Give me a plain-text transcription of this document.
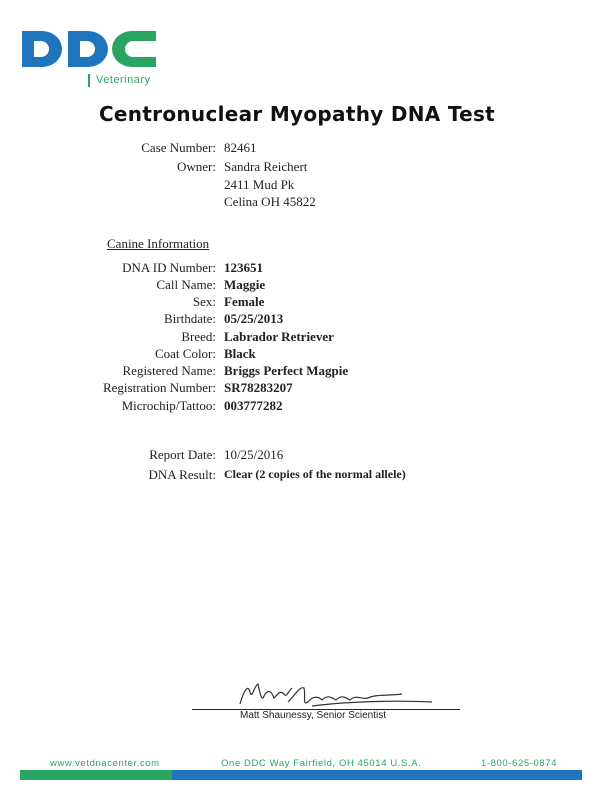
Veterinary
Centronuclear Myopathy DNA Test
Case Number: 82461
Owner: Sandra Reichert
2411 Mud Pk
Celina OH 45822
Canine Information
DNA ID Number: 123651
Call Name: Maggie
Sex: Female
Birthdate: 05/25/2013
Breed: Labrador Retriever
Coat Color: Black
Registered Name: Briggs Perfect Magpie
Registration Number: SR78283207
Microchip/Tattoo: 003777282
Report Date: 10/25/2016
DNA Result: Clear (2 copies of the normal allele)
Matt Shaunessy, Senior Scientist
www.vetdnacenter.com	One DDC Way Fairfield, OH 45014 U.S.A.	1-800-625-0874
